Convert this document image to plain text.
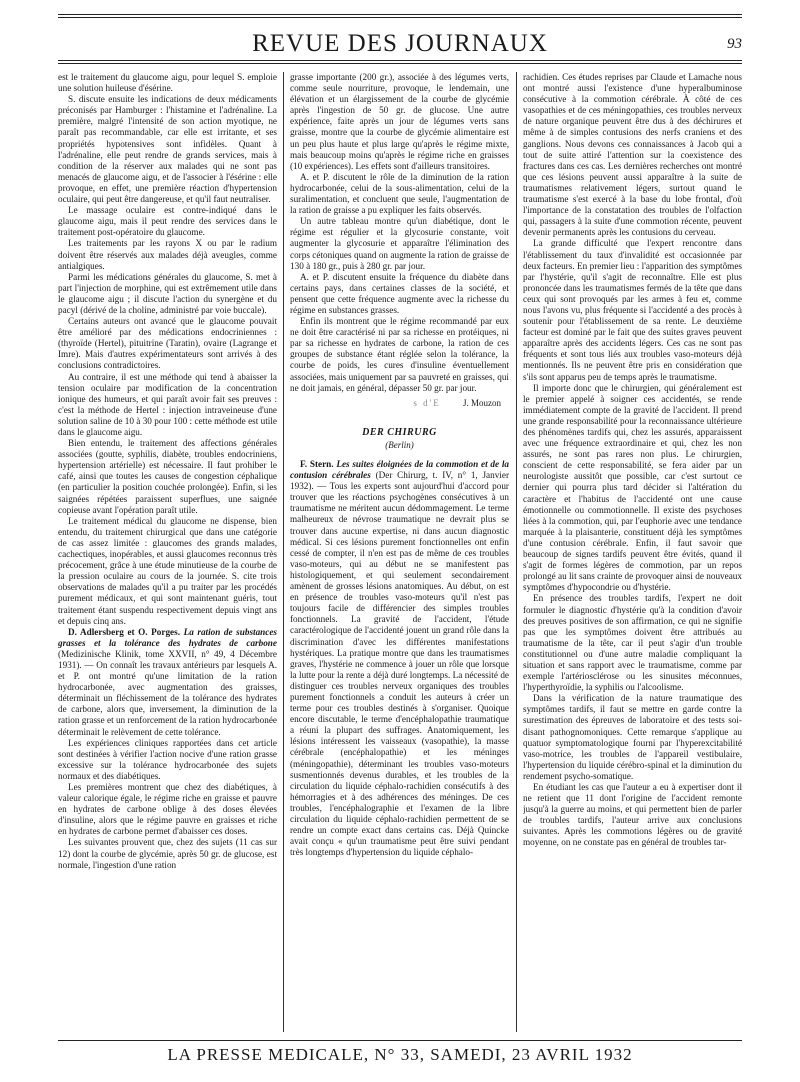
REVUE DES JOURNAUX	93

est le traitement du glaucome aigu, pour lequel S. emploie une solution huileuse d'ésérine.

S. discute ensuite les indications de deux médicaments préconisés par Hamburger : l'histamine et l'adrénaline. La première, malgré l'intensité de son action myotique, ne paraît pas recommandable, car elle est irritante, et ses propriétés hypotensives sont infidèles. Quant à l'adrénaline, elle peut rendre de grands services, mais à condition de la réserver aux malades qui ne sont pas menacés de glaucome aigu, et de l'associer à l'ésérine : elle provoque, en effet, une première réaction d'hypertension oculaire, qui peut être dangereuse, et qu'il faut neutraliser.

Le massage oculaire est contre-indiqué dans le glaucome aigu, mais il peut rendre des services dans le traitement post-opératoire du glaucome.

Les traitements par les rayons X ou par le radium doivent être réservés aux malades déjà aveugles, comme antialgiques.

Parmi les médications générales du glaucome, S. met à part l'injection de morphine, qui est extrêmement utile dans le glaucome aigu ; il discute l'action du synergène et du pacyl (dérivé de la choline, administré par voie buccale).

Certains auteurs ont avancé que le glaucome pouvait être amélioré par des médications endocriniennes : (thyroïde (Hertel), pituitrine (Taratin), ovaire (Lagrange et Imre). Mais d'autres expérimentateurs sont arrivés à des conclusions contradictoires.

Au contraire, il est une méthode qui tend à abaisser la tension oculaire par modification de la concentration ionique des humeurs, et qui paraît avoir fait ses preuves : c'est la méthode de Hertel : injection intraveineuse d'une solution saline de 10 à 30 pour 100 : cette méthode est utile dans le glaucome aigu.

Bien entendu, le traitement des affections générales associées (goutte, syphilis, diabète, troubles endocriniens, hypertension artérielle) est nécessaire. Il faut prohiber le café, ainsi que toutes les causes de congestion céphalique (en particulier la position couchée prolongée). Enfin, si les saignées répétées paraissent superflues, une saignée copieuse avant l'opération paraît utile.

Le traitement médical du glaucome ne dispense, bien entendu, du traitement chirurgical que dans une catégorie de cas assez limitée : glaucomes des grands malades, cachectiques, inopérables, et aussi glaucomes reconnus très précocement, grâce à une étude minutieuse de la courbe de la pression oculaire au cours de la journée. S. cite trois observations de malades qu'il a pu traiter par les procédés purement médicaux, et qui sont maintenant guéris, tout traitement étant suspendu respectivement depuis vingt ans et depuis cinq ans.

D. Adlersberg et O. Porges. La ration de substances grasses et la tolérance des hydrates de carbone (Medizinische Klinik, tome XXVII, n° 49, 4 Décembre 1931). — On connaît les travaux antérieurs par lesquels A. et P. ont montré qu'une limitation de la ration hydrocarbonée, avec augmentation des graisses, déterminait un fléchissement de la tolérance des hydrates de carbone, alors que, inversement, la diminution de la ration grasse et un renforcement de la ration hydrocarbonée déterminait le relèvement de cette tolérance.

Les expériences cliniques rapportées dans cet article sont destinées à vérifier l'action nocive d'une ration grasse excessive sur la tolérance hydrocarbonée des sujets normaux et des diabétiques.

Les premières montrent que chez des diabétiques, à valeur calorique égale, le régime riche en graisse et pauvre en hydrates de carbone oblige à des doses élevées d'insuline, alors que le régime pauvre en graisses et riche en hydrates de carbone permet d'abaisser ces doses.

Les suivantes prouvent que, chez des sujets (11 cas sur 12) dont la courbe de glycémie, après 50 gr. de glucose, est normale, l'ingestion d'une ration

grasse importante (200 gr.), associée à des légumes verts, comme seule nourriture, provoque, le lendemain, une élévation et un élargissement de la courbe de glycémie après l'ingestion de 50 gr. de glucose. Une autre expérience, faite après un jour de légumes verts sans graisse, montre que la courbe de glycémie alimentaire est un peu plus haute et plus large qu'après le régime mixte, mais beaucoup moins qu'après le régime riche en graisses (10 expériences). Les effets sont d'ailleurs transitoires.

A. et P. discutent le rôle de la diminution de la ration hydrocarbonée, celui de la sous-alimentation, celui de la suralimentation, et concluent que seule, l'augmentation de la ration de graisse a pu expliquer les faits observés.

Un autre tableau montre qu'un diabétique, dont le régime est régulier et la glycosurie constante, voit augmenter la glycosurie et apparaître l'élimination des corps cétoniques quand on augmente la ration de graisse de 130 à 180 gr., puis à 280 gr. par jour.

A. et P. discutent ensuite la fréquence du diabète dans certains pays, dans certaines classes de la société, et pensent que cette fréquence augmente avec la richesse du régime en substances grasses.

Enfin ils montrent que le régime recommandé par eux ne doit être caractérisé ni par sa richesse en protéiques, ni par sa richesse en hydrates de carbone, la ration de ces groupes de substance étant réglée selon la tolérance, la courbe de poids, les cures d'insuline éventuellement associées, mais uniquement par sa pauvreté en graisses, qui ne doit jamais, en général, dépasser 50 gr. par jour.

s d'E J. Mouzon
DER CHIRURG
(Berlin)

F. Stern. Les suites éloignées de la commotion et de la contusion cérébrales (Der Chirurg, t. IV, n° 1, Janvier 1932). — Tous les experts sont aujourd'hui d'accord pour trouver que les réactions psychogènes consécutives à un traumatisme ne méritent aucun dédommagement. Le terme malheureux de névrose traumatique ne devrait plus se trouver dans aucune expertise, ni dans aucun diagnostic médical. Si ces lésions purement fonctionnelles ont enfin cessé de compter, il n'en est pas de même de ces troubles vaso-moteurs, qui au début ne se manifestent pas histologiquement, et qui seulement secondairement amènent de grosses lésions anatomiques. Au début, on est en présence de troubles vaso-moteurs qu'il n'est pas toujours facile de différencier des simples troubles fonctionnels. La gravité de l'accident, l'étude caractérologique de l'accidenté jouent un grand rôle dans la discrimination d'avec les différentes manifestations hystériques. La pratique montre que dans les traumatismes graves, l'hystérie ne commence à jouer un rôle que lorsque la lutte pour la rente a déjà duré longtemps. La nécessité de distinguer ces troubles nerveux organiques des troubles purement fonctionnels a conduit les auteurs à créer un terme pour ces troubles destinés à s'organiser. Quoique encore discutable, le terme d'encéphalopathie traumatique a réuni la plupart des suffrages. Anatomiquement, les lésions intéressent les vaisseaux (vasopathie), la masse cérébrale (encéphalopathie) et les méninges (méningopathie), déterminant les troubles vaso-moteurs susmentionnés devenus durables, et les troubles de la circulation du liquide céphalo-rachidien consécutifs à des hémorragies et à des adhérences des méninges. De ces troubles, l'encéphalographie et l'examen de la libre circulation du liquide céphalo-rachidien permettent de se rendre un compte exact dans certains cas. Déjà Quincke avait conçu « qu'un traumatisme peut être suivi pendant très longtemps d'hypertension du liquide céphalo-

rachidien. Ces études reprises par Claude et Lamache nous ont montré aussi l'existence d'une hyperalbuminose consécutive à la commotion cérébrale. À côté de ces vasopathies et de ces méningopathies, ces troubles nerveux de nature organique peuvent être dus à des déchirures et même à de simples contusions des nerfs craniens et des ganglions. Nous devons ces connaissances à Jacob qui a tout de suite attiré l'attention sur la coexistence des fractures dans ces cas. Les dernières recherches ont montré que ces lésions peuvent aussi apparaître à la suite de traumatismes relativement légers, surtout quand le traumatisme s'est exercé à la base du lobe frontal, d'où l'importance de la constatation des troubles de l'olfaction qui, passagers à la suite d'une commotion récente, peuvent devenir permanents après les contusions du cerveau.

La grande difficulté que l'expert rencontre dans l'établissement du taux d'invalidité est occasionnée par deux facteurs. En premier lieu : l'apparition des symptômes par l'hystérie, qu'il s'agit de reconnaître. Elle est plus prononcée dans les traumatismes fermés de la tête que dans ceux qui sont provoqués par les armes à feu et, comme nous l'avons vu, plus fréquente si l'accidenté a des procès à soutenir pour l'établissement de sa rente. Le deuxième facteur est dominé par le fait que des suites graves peuvent apparaître après des accidents légers. Ces cas ne sont pas fréquents et sont tous liés aux troubles vaso-moteurs déjà mentionnés. Ils ne peuvent être pris en considération que s'ils sont apparus peu de temps après le traumatisme.

Il importe donc que le chirurgien, qui généralement est le premier appelé à soigner ces accidentés, se rende immédiatement compte de la gravité de l'accident. Il prend une grande responsabilité pour la reconnaissance ultérieure des phénomènes tardifs qui, chez les assurés, apparaissent avec une fréquence extraordinaire et qui, chez les non assurés, ne sont pas rares non plus. Le chirurgien, conscient de cette responsabilité, se fera aider par un neurologiste aussitôt que possible, car c'est surtout ce dernier qui pourra plus tard décider si l'altération du caractère et l'habitus de l'accidenté ont une cause émotionnelle ou commotionnelle. Il existe des psychoses liées à la commotion, qui, par l'euphorie avec une tendance marquée à la plaisanterie, constituent déjà les symptômes d'une contusion cérébrale. Enfin, il faut savoir que beaucoup de signes tardifs peuvent être évités, quand il s'agit de formes légères de commotion, par un repos prolongé au lit sans crainte de provoquer ainsi de nouveaux symptômes d'hypocondrie ou d'hystérie.

En présence des troubles tardifs, l'expert ne doit formuler le diagnostic d'hystérie qu'à la condition d'avoir des preuves positives de son affirmation, ce qui ne signifie pas que les symptômes doivent être attribués au traumatisme de la tête, car il peut s'agir d'un trouble constitutionnel ou d'une autre maladie compliquant la situation et sans rapport avec le traumatisme, comme par exemple l'artériosclérose ou les sinusites méconnues, l'hyperthyroïdie, la syphilis ou l'alcoolisme.

Dans la vérification de la nature traumatique des symptômes tardifs, il faut se mettre en garde contre la surestimation des épreuves de laboratoire et des tests soi-disant pathognomoniques. Cette remarque s'applique au quatuor symptomatologique fourni par l'hyperexcitabilité vaso-motrice, les troubles de l'appareil vestibulaire, l'hypertension du liquide cérébro-spinal et la diminution du rendement psycho-somatique.

En étudiant les cas que l'auteur a eu à expertiser dont il ne retient que 11 dont l'origine de l'accident remonte jusqu'à la guerre au moins, et qui permettent bien de parler de troubles tardifs, l'auteur arrive aux conclusions suivantes. Après les commotions légères ou de gravité moyenne, on ne constate pas en général de troubles tar-

LA PRESSE MEDICALE, N° 33, SAMEDI, 23 AVRIL 1932
